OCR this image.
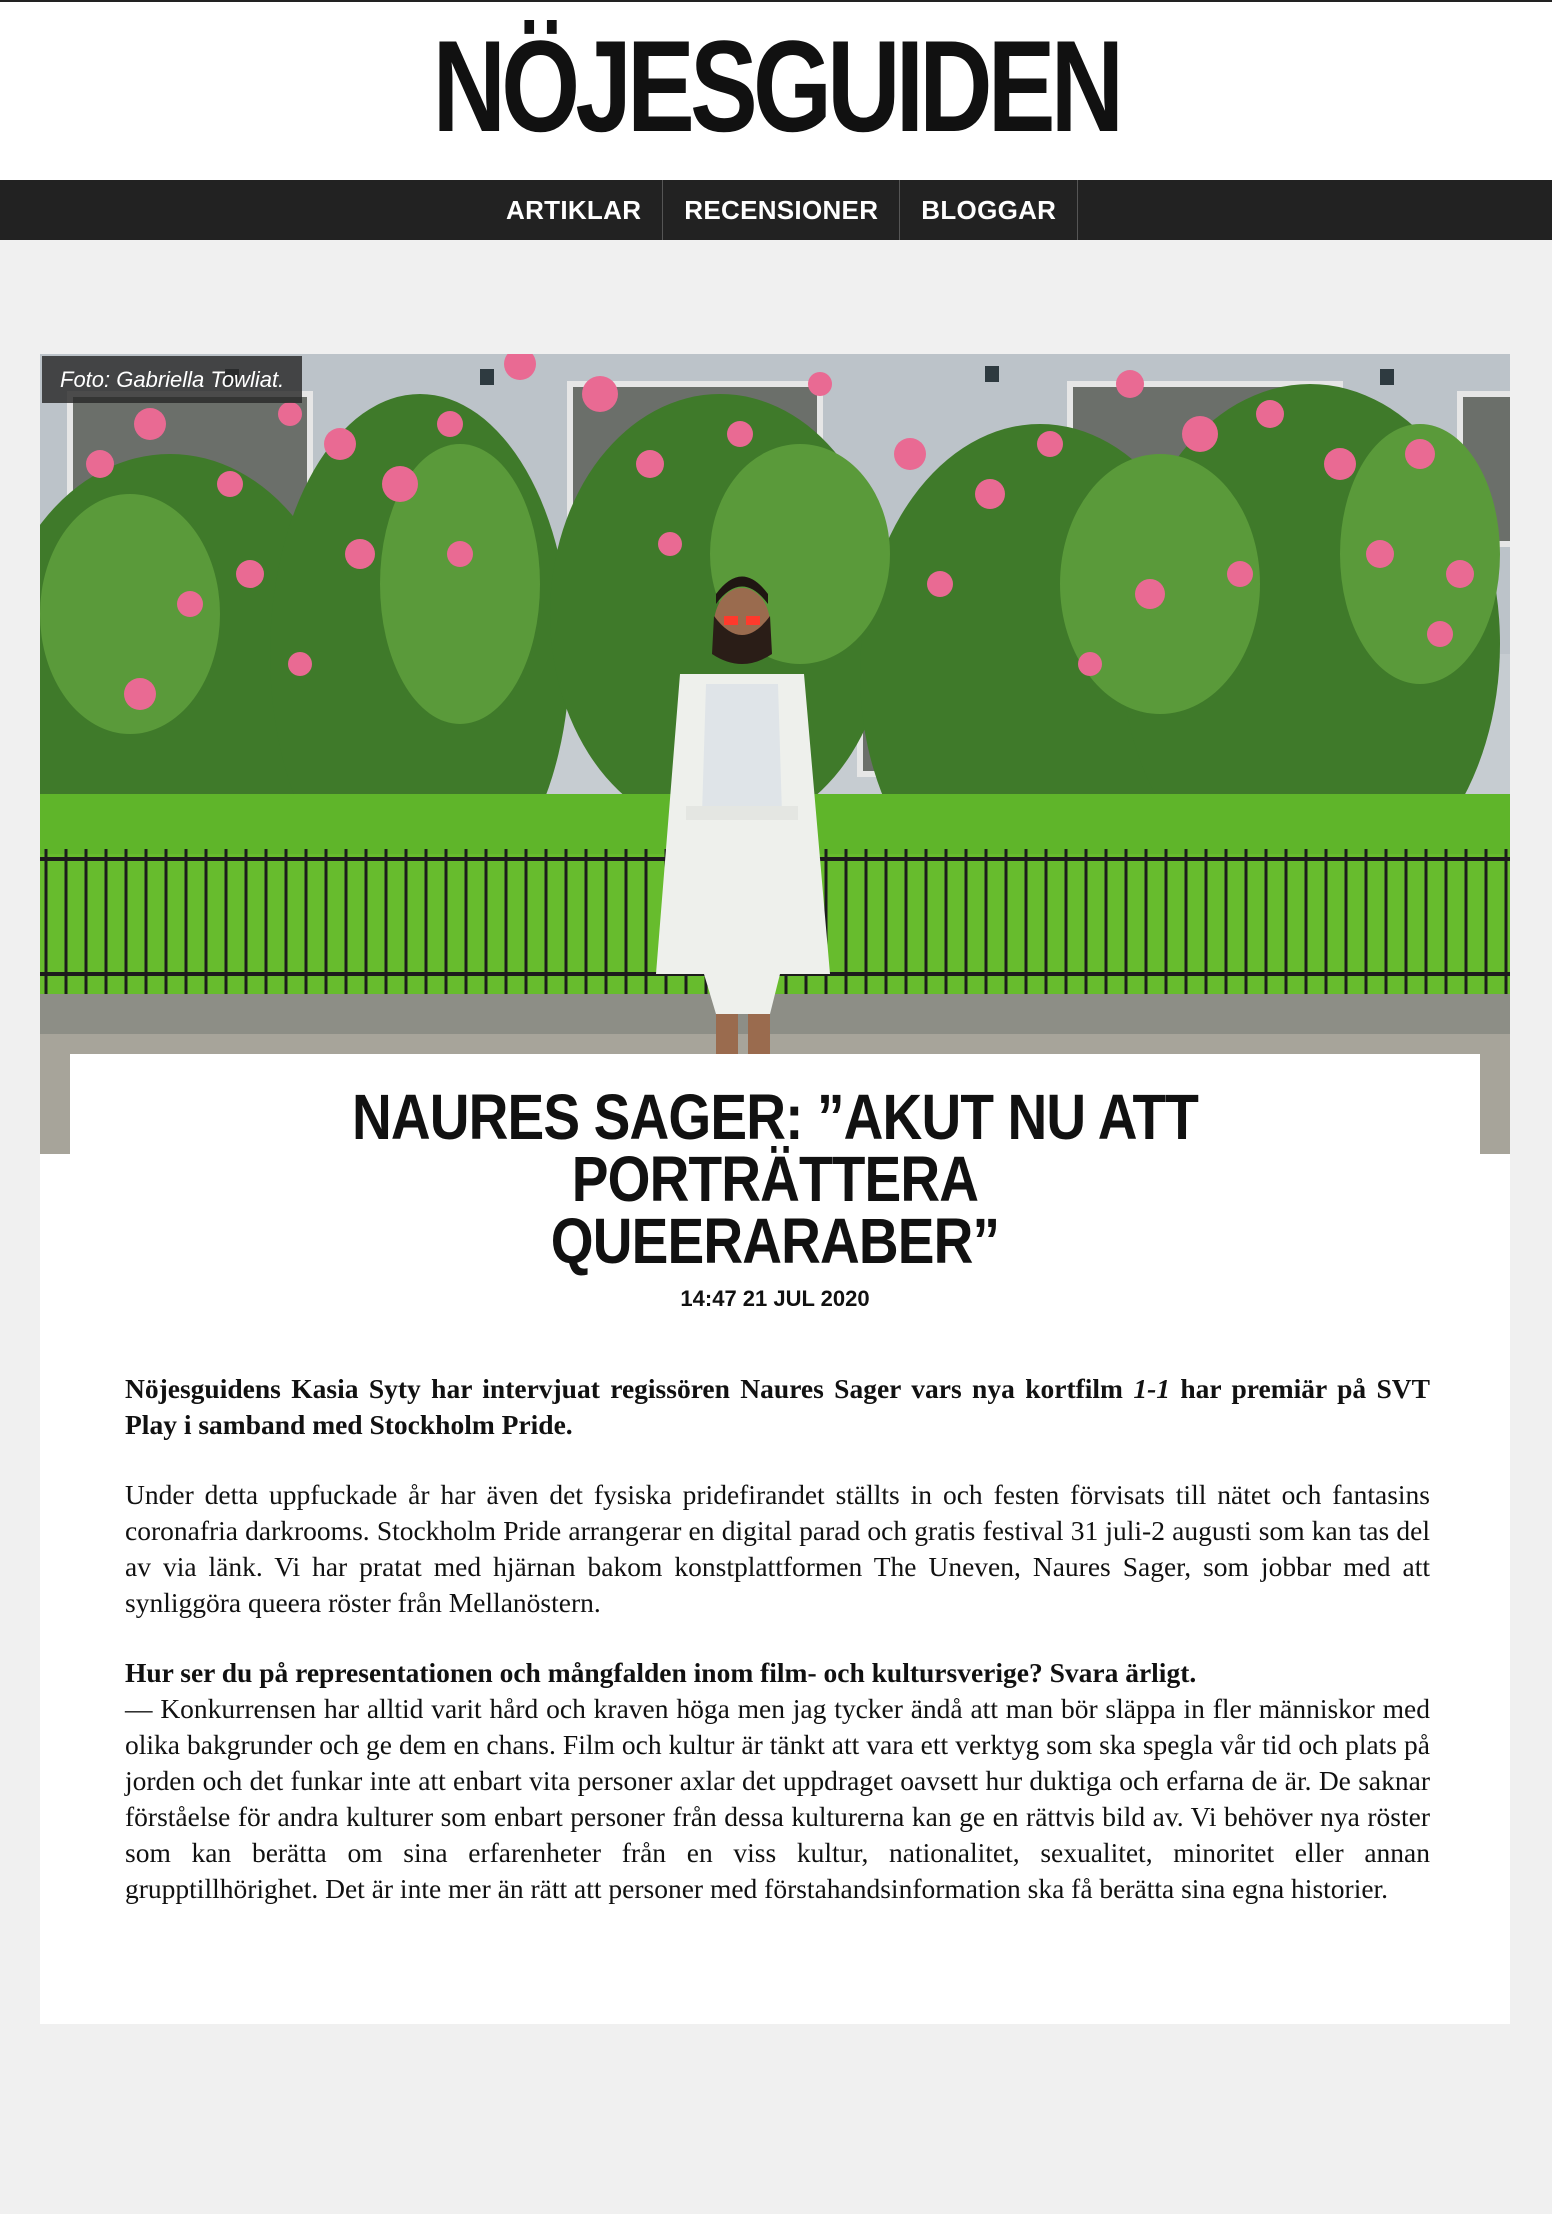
NÖJESGUIDEN
ARTIKLAR	RECENSIONER	BLOGGAR
Foto: Gabriella Towliat.
NAURES SAGER: ”AKUT NU ATT PORTRÄTTERA
QUEERARABER”
14:47 21 JUL 2020

Nöjesguidens Kasia Syty har intervjuat regissören Naures Sager vars nya kortfilm 1-1 har premiär på SVT Play i samband med Stockholm Pride.

Under detta uppfuckade år har även det fysiska pridefirandet ställts in och festen förvisats till nätet och fantasins coronafria darkrooms. Stockholm Pride arrangerar en digital parad och gratis festival 31 juli-2 augusti som kan tas del av via länk. Vi har pratat med hjärnan bakom konstplattformen The Uneven, Naures Sager, som jobbar med att synliggöra queera röster från Mellanöstern.

Hur ser du på representationen och mångfalden inom film- och kultursverige? Svara ärligt.
— Konkurrensen har alltid varit hård och kraven höga men jag tycker ändå att man bör släppa in fler människor med olika bakgrunder och ge dem en chans. Film och kultur är tänkt att vara ett verktyg som ska spegla vår tid och plats på jorden och det funkar inte att enbart vita personer axlar det uppdraget oavsett hur duktiga och erfarna de är. De saknar förståelse för andra kulturer som enbart personer från dessa kulturerna kan ge en rättvis bild av. Vi behöver nya röster som kan berätta om sina erfarenheter från en viss kultur, nationalitet, sexualitet, minoritet eller annan grupptillhörighet. Det är inte mer än rätt att personer med förstahandsinformation ska få berätta sina egna historier.
